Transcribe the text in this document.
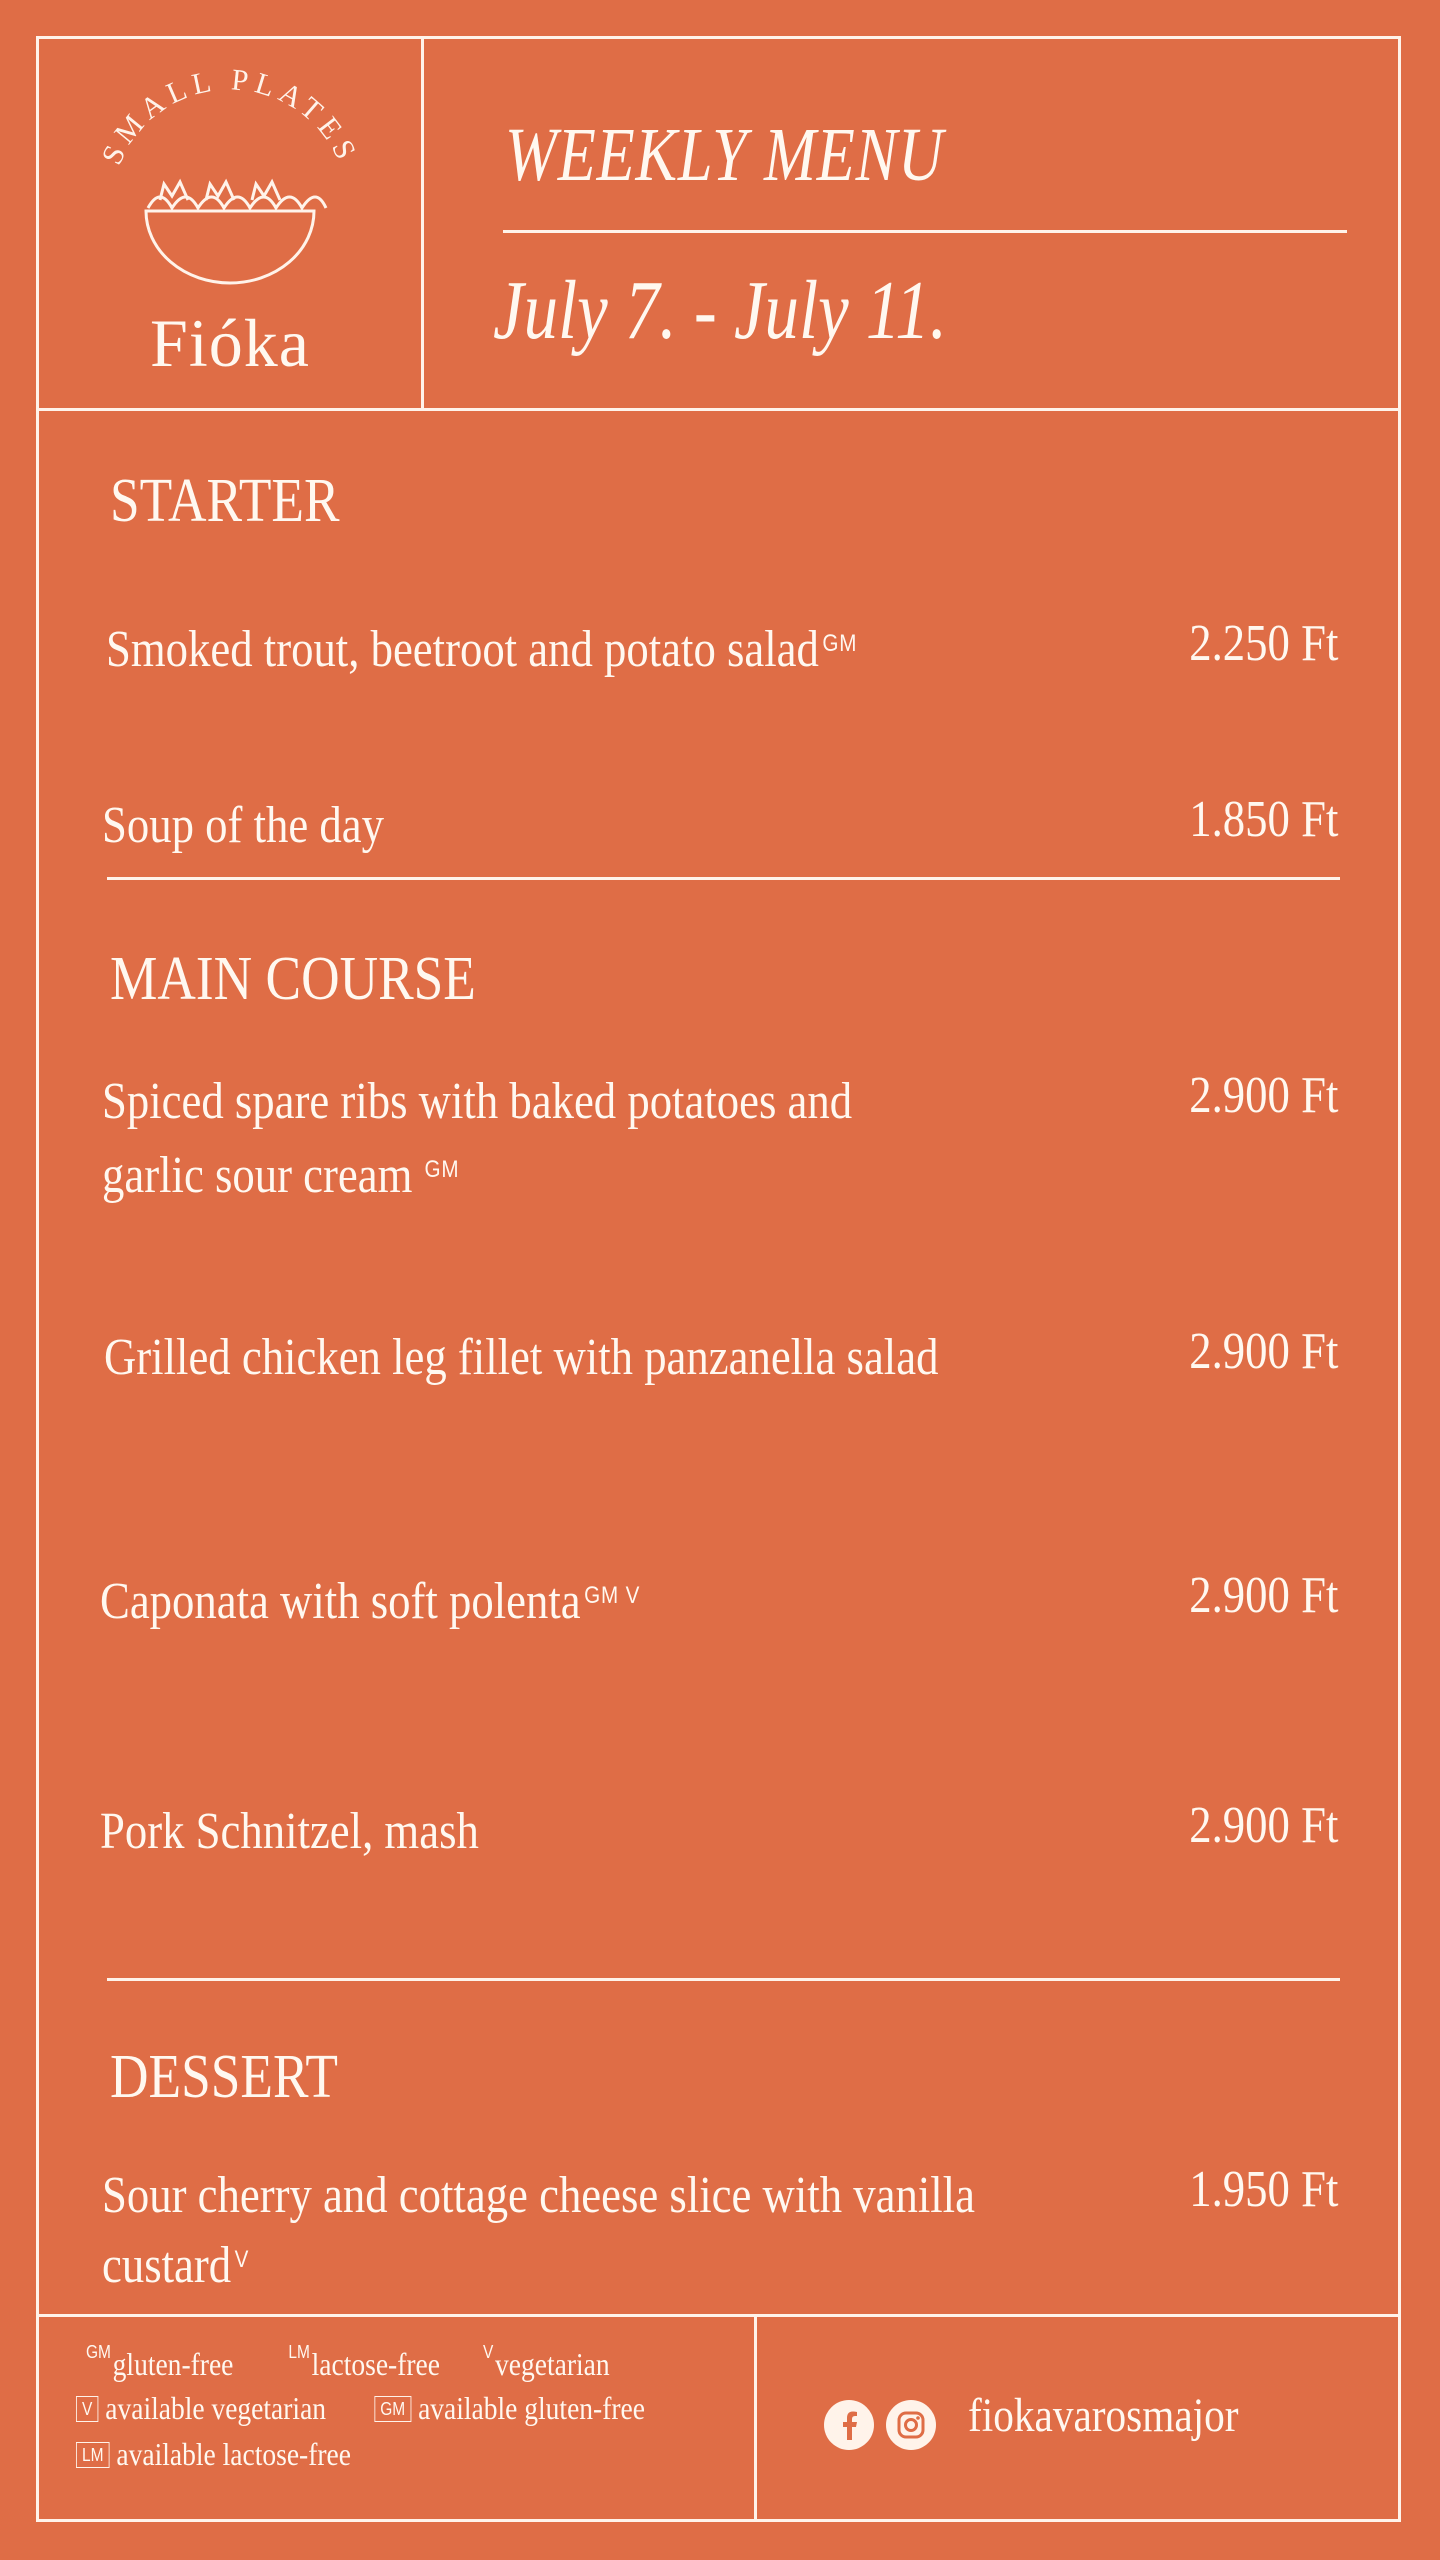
SMALL PLATES
Fióka
WEEKLY MENU
July 7. - July 11.
STARTER
Smoked trout, beetroot and potato salad $^{GM}$	2.250 Ft
Soup of the day	1.850 Ft
MAIN COURSE
Spiced spare ribs with baked potatoes and
garlic sour cream $^{GM}$
2.900 Ft
Grilled chicken leg fillet with panzanella salad	2.900 Ft
Caponata with soft polenta $^{GM V}$	2.900 Ft
Pork Schnitzel, mash	2.900 Ft
DESSERT
Sour cherry and cottage cheese slice with vanilla
custard $^V$
1.950 Ft
$^{GM}$gluten-free	$^{LM}$lactose-free $^V$vegetarian
V available vegetarian	GM available gluten-free
LM available lactose-free
fiokavarosmajor
